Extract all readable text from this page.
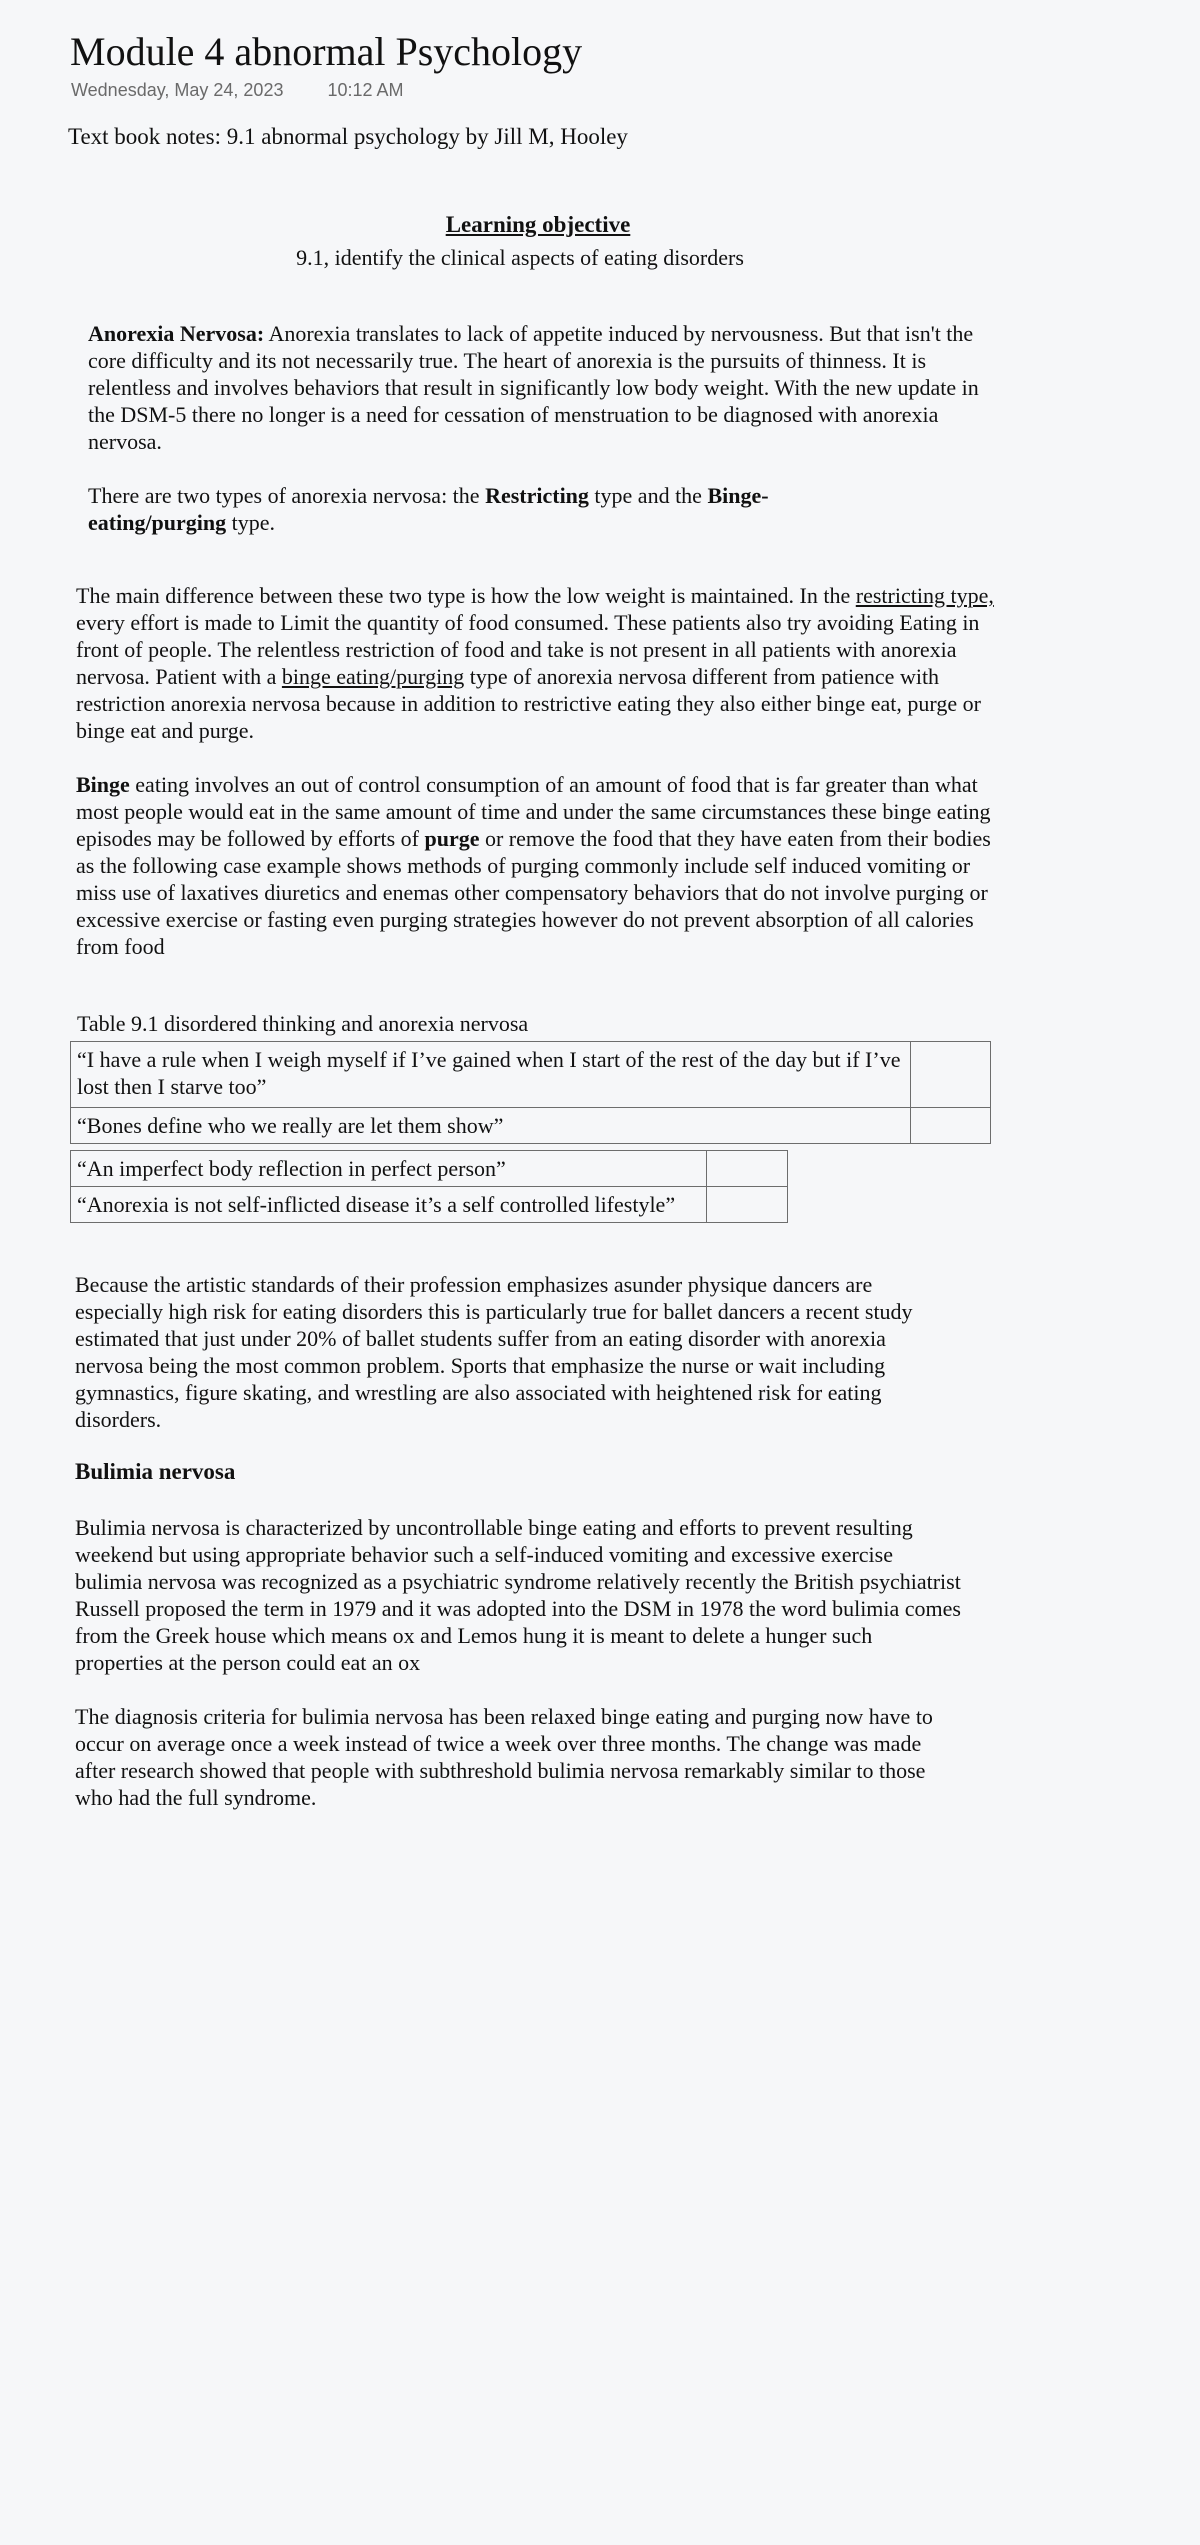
Module 4 abnormal Psychology
Wednesday, May 24, 2023 10:12 AM
Text book notes: 9.1 abnormal psychology by Jill M, Hooley
Learning objective
9.1, identify the clinical aspects of eating disorders

Anorexia Nervosa: Anorexia translates to lack of appetite induced by nervousness. But that isn't the core difficulty and its not necessarily true. The heart of anorexia is the pursuits of thinness. It is relentless and involves behaviors that result in significantly low body weight. With the new update in the DSM-5 there no longer is a need for cessation of menstruation to be diagnosed with anorexia nervosa.

There are two types of anorexia nervosa: the Restricting type and the Binge-eating/purging type.

The main difference between these two type is how the low weight is maintained. In the restricting type, every effort is made to Limit the quantity of food consumed. These patients also try avoiding Eating in front of people. The relentless restriction of food and take is not present in all patients with anorexia nervosa. Patient with a binge eating/purging type of anorexia nervosa different from patience with restriction anorexia nervosa because in addition to restrictive eating they also either binge eat, purge or binge eat and purge.

Binge eating involves an out of control consumption of an amount of food that is far greater than what most people would eat in the same amount of time and under the same circumstances these binge eating episodes may be followed by efforts of purge or remove the food that they have eaten from their bodies as the following case example shows methods of purging commonly include self induced vomiting or miss use of laxatives diuretics and enemas other compensatory behaviors that do not involve purging or excessive exercise or fasting even purging strategies however do not prevent absorption of all calories from food

Table 9.1 disordered thinking and anorexia nervosa
“I have a rule when I weigh myself if I’ve gained when I start of the rest of the day but if I’ve lost then I starve too”	
“Bones define who we really are let them show”	
“An imperfect body reflection in perfect person”	
“Anorexia is not self-inflicted disease it’s a self controlled lifestyle”	

Because the artistic standards of their profession emphasizes asunder physique dancers are especially high risk for eating disorders this is particularly true for ballet dancers a recent study estimated that just under 20% of ballet students suffer from an eating disorder with anorexia nervosa being the most common problem. Sports that emphasize the nurse or wait including gymnastics, figure skating, and wrestling are also associated with heightened risk for eating disorders.

Bulimia nervosa

Bulimia nervosa is characterized by uncontrollable binge eating and efforts to prevent resulting weekend but using appropriate behavior such a self-induced vomiting and excessive exercise bulimia nervosa was recognized as a psychiatric syndrome relatively recently the British psychiatrist Russell proposed the term in 1979 and it was adopted into the DSM in 1978 the word bulimia comes from the Greek house which means ox and Lemos hung it is meant to delete a hunger such properties at the person could eat an ox

The diagnosis criteria for bulimia nervosa has been relaxed binge eating and purging now have to occur on average once a week instead of twice a week over three months. The change was made after research showed that people with subthreshold bulimia nervosa remarkably similar to those who had the full syndrome.
